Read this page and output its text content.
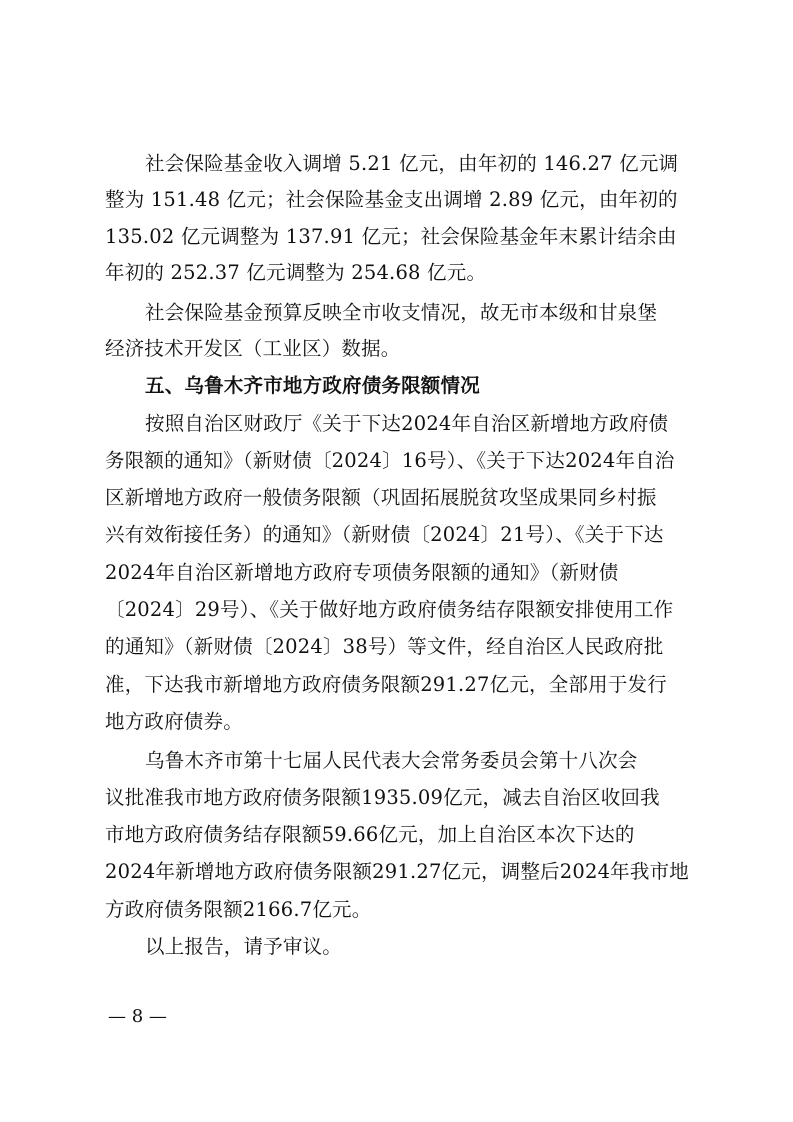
社会保险基金收入调增 5.21 亿元，由年初的 146.27 亿元调
整为 151.48 亿元；社会保险基金支出调增 2.89 亿元，由年初的
135.02 亿元调整为 137.91 亿元；社会保险基金年末累计结余由
年初的 252.37 亿元调整为 254.68 亿元。
社会保险基金预算反映全市收支情况，故无市本级和甘泉堡
经济技术开发区（工业区）数据。
五、乌鲁木齐市地方政府债务限额情况
按照自治区财政厅《关于下达2024年自治区新增地方政府债
务限额的通知》（新财债〔2024〕16号）、《关于下达2024年自治
区新增地方政府一般债务限额（巩固拓展脱贫攻坚成果同乡村振
兴有效衔接任务）的通知》（新财债〔2024〕21号）、《关于下达
2024年自治区新增地方政府专项债务限额的通知》（新财债
〔2024〕29号）、《关于做好地方政府债务结存限额安排使用工作
的通知》（新财债〔2024〕38号）等文件，经自治区人民政府批
准，下达我市新增地方政府债务限额291.27亿元，全部用于发行
地方政府债券。
乌鲁木齐市第十七届人民代表大会常务委员会第十八次会
议批准我市地方政府债务限额1935.09亿元，减去自治区收回我
市地方政府债务结存限额59.66亿元，加上自治区本次下达的
2024年新增地方政府债务限额291.27亿元，调整后2024年我市地
方政府债务限额2166.7亿元。
以上报告，请予审议。
— 8 —
